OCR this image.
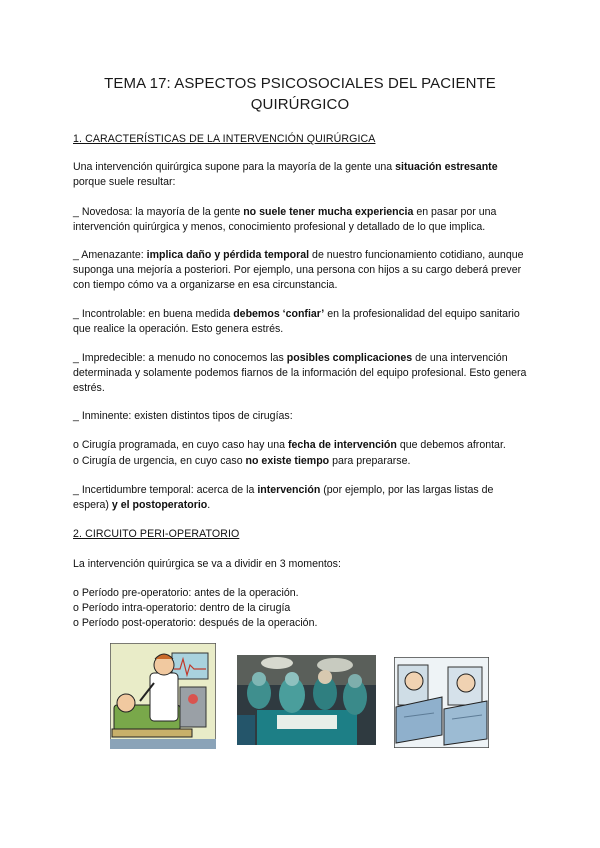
TEMA 17: ASPECTOS PSICOSOCIALES DEL PACIENTE QUIRÚRGICO
1. CARACTERÍSTICAS DE LA INTERVENCIÓN QUIRÚRGICA
Una intervención quirúrgica supone para la mayoría de la gente una situación estresante porque suele resultar:
_ Novedosa: la mayoría de la gente no suele tener mucha experiencia en pasar por una intervención quirúrgica y menos, conocimiento profesional y detallado de lo que implica.
_ Amenazante: implica daño y pérdida temporal de nuestro funcionamiento cotidiano, aunque suponga una mejoría a posteriori. Por ejemplo, una persona con hijos a su cargo deberá prever con tiempo cómo va a organizarse en esa circunstancia.
_ Incontrolable: en buena medida debemos ‘confiar’ en la profesionalidad del equipo sanitario que realice la operación. Esto genera estrés.
_ Impredecible: a menudo no conocemos las posibles complicaciones de una intervención determinada y solamente podemos fiarnos de la información del equipo profesional. Esto genera estrés.
_ Inminente: existen distintos tipos de cirugías:
o Cirugía programada, en cuyo caso hay una fecha de intervención que debemos afrontar.
o Cirugía de urgencia, en cuyo caso no existe tiempo para prepararse.
_ Incertidumbre temporal: acerca de la intervención (por ejemplo, por las largas listas de espera) y el postoperatorio.
2. CIRCUITO PERI-OPERATORIO
La intervención quirúrgica se va a dividir en 3 momentos:
o Período pre-operatorio: antes de la operación.
o Período intra-operatorio: dentro de la cirugía
o Período post-operatorio: después de la operación.
